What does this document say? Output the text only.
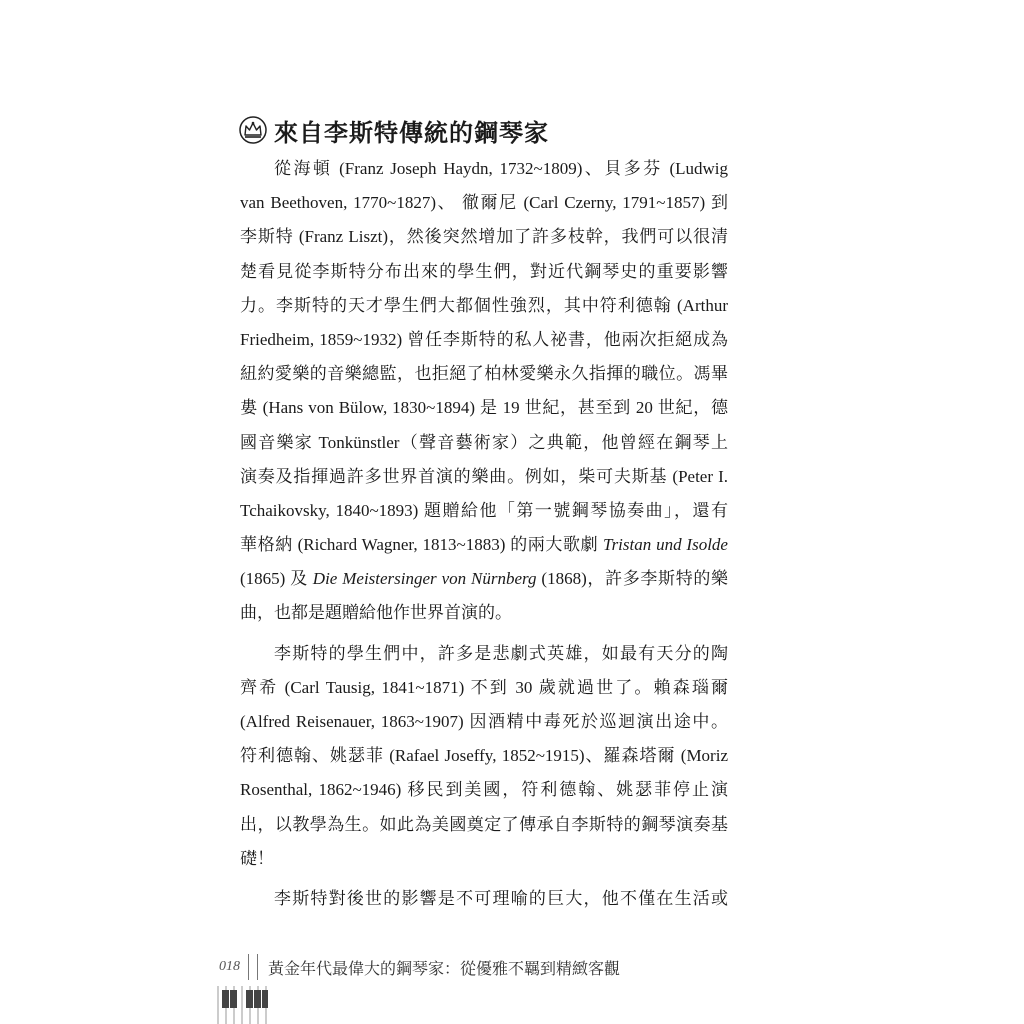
來自李斯特傳統的鋼琴家
從海頓 (Franz Joseph Haydn, 1732~1809)、貝多芬 (Ludwig
van Beethoven, 1770~1827)、 徹爾尼 (Carl Czerny, 1791~1857) 到
李斯特 (Franz Liszt)，然後突然增加了許多枝幹，我們可以很清
楚看見從李斯特分布出來的學生們，對近代鋼琴史的重要影響
力。李斯特的天才學生們大都個性強烈，其中符利德翰 (Arthur
Friedheim, 1859~1932) 曾任李斯特的私人祕書，他兩次拒絕成為
紐約愛樂的音樂總監，也拒絕了柏林愛樂永久指揮的職位。馮畢
婁 (Hans von Bülow, 1830~1894) 是 19 世紀，甚至到 20 世紀，德
國音樂家 Tonkünstler（聲音藝術家）之典範，他曾經在鋼琴上
演奏及指揮過許多世界首演的樂曲。例如，柴可夫斯基 (Peter I.
Tchaikovsky, 1840~1893) 題贈給他「第一號鋼琴協奏曲」，還有
華格納 (Richard Wagner, 1813~1883) 的兩大歌劇 Tristan und Isolde
(1865) 及 Die Meistersinger von Nürnberg (1868)，許多李斯特的樂
曲，也都是題贈給他作世界首演的。
李斯特的學生們中，許多是悲劇式英雄，如最有天分的陶
齊希 (Carl Tausig, 1841~1871) 不到 30 歲就過世了。賴森瑙爾
(Alfred Reisenauer, 1863~1907) 因酒精中毒死於巡迴演出途中。
符利德翰、姚瑟菲 (Rafael Joseffy, 1852~1915)、羅森塔爾 (Moriz
Rosenthal, 1862~1946) 移民到美國，符利德翰、姚瑟菲停止演
出，以教學為生。如此為美國奠定了傳承自李斯特的鋼琴演奏基
礎！
李斯特對後世的影響是不可理喻的巨大，他不僅在生活或
018 黃金年代最偉大的鋼琴家：從優雅不羈到精緻客觀
